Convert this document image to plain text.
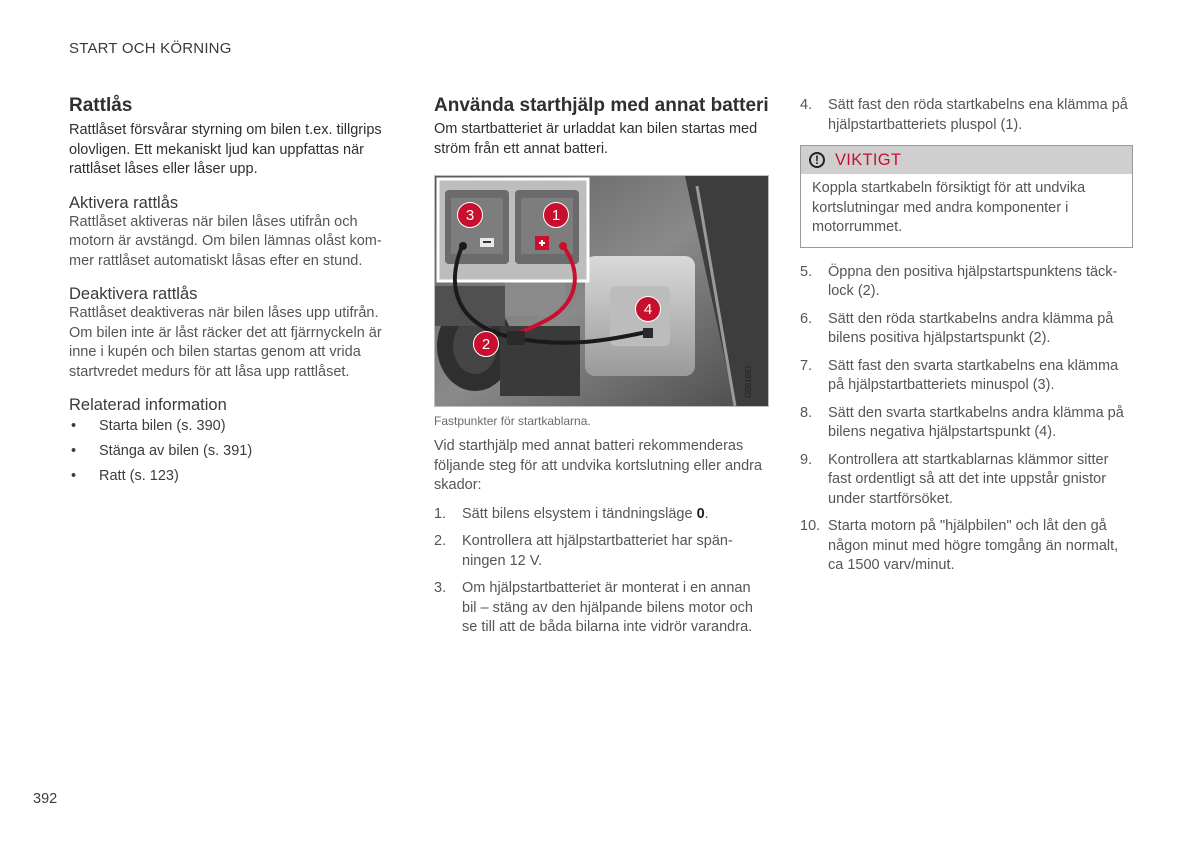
START OCH KÖRNING
Rattlås

Rattlåset försvårar styrning om bilen t.ex. tillgrips olovligen. Ett mekaniskt ljud kan uppfattas när rattlåset låses eller låser upp.

Aktivera rattlås

Rattlåset aktiveras när bilen låses utifrån och motorn är avstängd. Om bilen lämnas olåst kom-mer rattlåset automatiskt låsas efter en stund.

Deaktivera rattlås

Rattlåset deaktiveras när bilen låses upp utifrån. Om bilen inte är låst räcker det att fjärrnyckeln är inne i kupén och bilen startas genom att vrida startvredet medurs för att låsa upp rattlåset.

Relaterad information
•	Starta bilen (s. 390)
•	Stänga av bilen (s. 391)
•	Ratt (s. 123)
Använda starthjälp med annat batteri

Om startbatteriet är urladdat kan bilen startas med ström från ett annat batteri.

G051667
1
2
3
4
Fastpunkter för startkablarna.

Vid starthjälp med annat batteri rekommenderas följande steg för att undvika kortslutning eller andra skador:

1.	Sätt bilens elsystem i tändningsläge 0.
2.	Kontrollera att hjälpstartbatteriet har spän-ningen 12 V.
3.	Om hjälpstartbatteriet är monterat i en annan bil – stäng av den hjälpande bilens motor och se till att de båda bilarna inte vidrör varandra.
4.	Sätt fast den röda startkabelns ena klämma på hjälpstartbatteriets pluspol (1).
! VIKTIGT
Koppla startkabeln försiktigt för att undvika kortslutningar med andra komponenter i motorrummet.
5.	Öppna den positiva hjälpstartspunktens täck-lock (2).
6.	Sätt den röda startkabelns andra klämma på bilens positiva hjälpstartspunkt (2).
7.	Sätt fast den svarta startkabelns ena klämma på hjälpstartbatteriets minuspol (3).
8.	Sätt den svarta startkabelns andra klämma på bilens negativa hjälpstartspunkt (4).
9.	Kontrollera att startkablarnas klämmor sitter fast ordentligt så att det inte uppstår gnistor under startförsöket.
10. Starta motorn på "hjälpbilen" och låt den gå någon minut med högre tomgång än normalt, ca 1500 varv/minut.
392
